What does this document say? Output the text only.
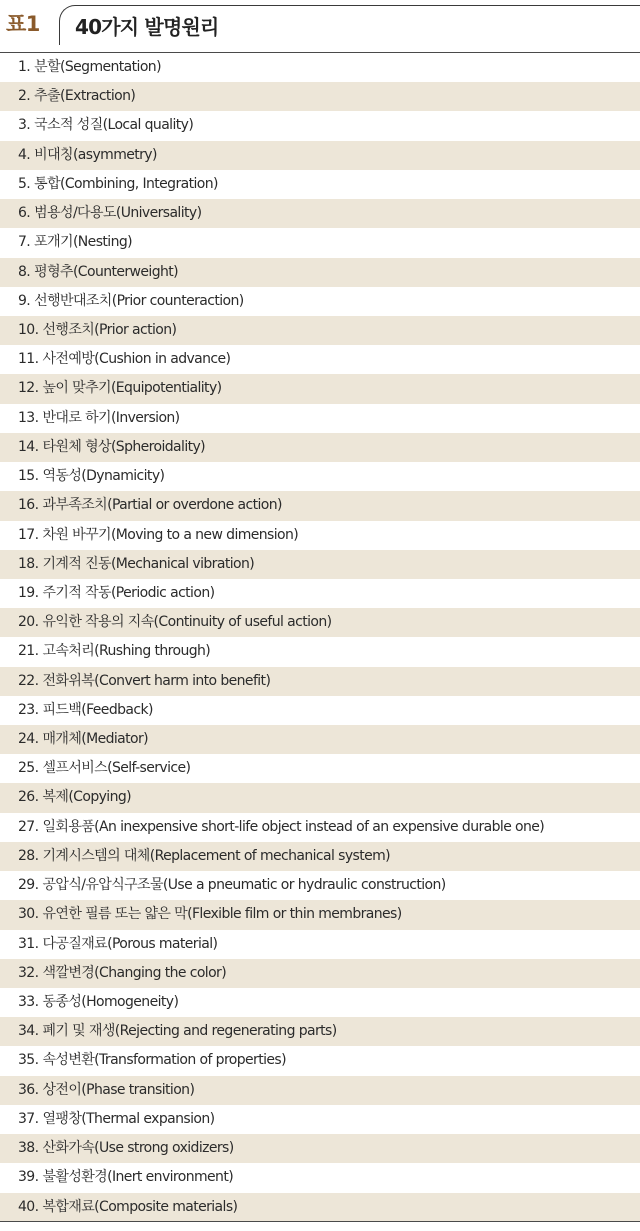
표1 40가지 발명원리
1. 분할(Segmentation)
2. 추출(Extraction)
3. 국소적 성질(Local quality)
4. 비대칭(asymmetry)
5. 통합(Combining, Integration)
6. 범용성/다용도(Universality)
7. 포개기(Nesting)
8. 평형추(Counterweight)
9. 선행반대조치(Prior counteraction)
10. 선행조치(Prior action)
11. 사전예방(Cushion in advance)
12. 높이 맞추기(Equipotentiality)
13. 반대로 하기(Inversion)
14. 타원체 형상(Spheroidality)
15. 역동성(Dynamicity)
16. 과부족조치(Partial or overdone action)
17. 차원 바꾸기(Moving to a new dimension)
18. 기계적 진동(Mechanical vibration)
19. 주기적 작동(Periodic action)
20. 유익한 작용의 지속(Continuity of useful action)
21. 고속처리(Rushing through)
22. 전화위복(Convert harm into benefit)
23. 피드백(Feedback)
24. 매개체(Mediator)
25. 셀프서비스(Self-service)
26. 복제(Copying)
27. 일회용품(An inexpensive short-life object instead of an expensive durable one)
28. 기계시스템의 대체(Replacement of mechanical system)
29. 공압식/유압식구조물(Use a pneumatic or hydraulic construction)
30. 유연한 필름 또는 얇은 막(Flexible film or thin membranes)
31. 다공질재료(Porous material)
32. 색깔변경(Changing the color)
33. 동종성(Homogeneity)
34. 폐기 및 재생(Rejecting and regenerating parts)
35. 속성변환(Transformation of properties)
36. 상전이(Phase transition)
37. 열팽창(Thermal expansion)
38. 산화가속(Use strong oxidizers)
39. 불활성환경(Inert environment)
40. 복합재료(Composite materials)
